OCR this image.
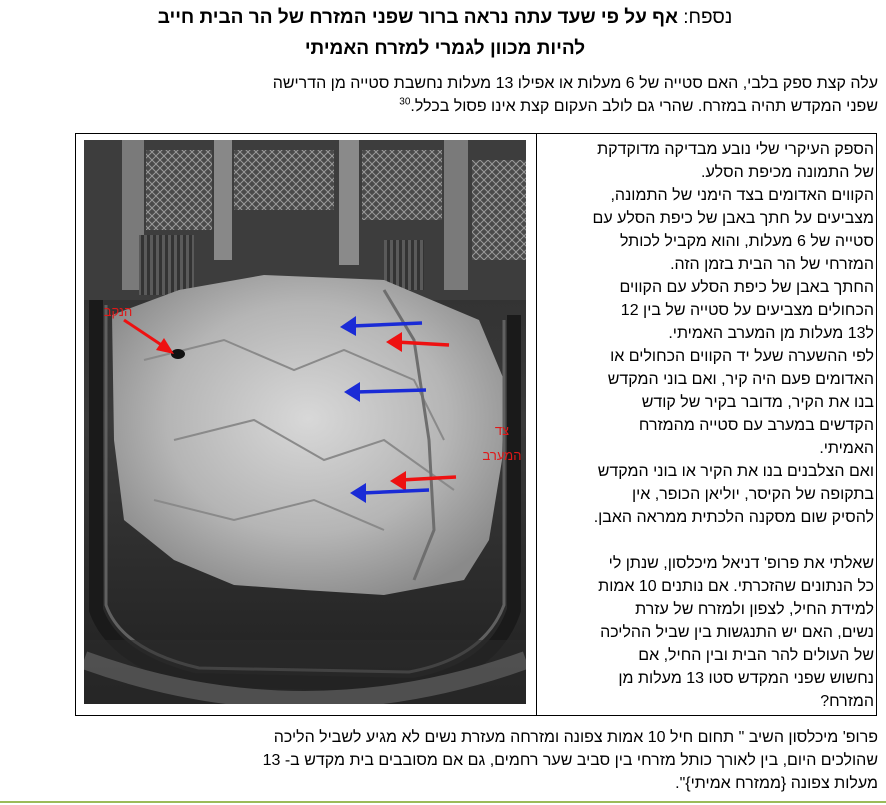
נספח: אף על פי שעד עתה נראה ברור שפני המזרח של הר הבית חייב
להיות מכוון לגמרי למזרח האמיתי
עלה קצת ספק בלבי, האם סטייה של 6 מעלות או אפילו 13 מעלות נחשבת סטייה מן הדרישה
שפני המקדש תהיה במזרח. שהרי גם לולב העקום קצת אינו פסול בכלל.$^{30}$
הנקב
צד
המערב
הספק העיקרי שלי נובע מבדיקה מדוקדקת
של התמונה מכיפת הסלע.
הקווים האדומים בצד הימני של התמונה,
מצביעים על חתך באבן של כיפת הסלע עם
סטייה של 6 מעלות, והוא מקביל לכותל
המזרחי של הר הבית בזמן הזה.
החתך באבן של כיפת הסלע עם הקווים
הכחולים מצביעים על סטייה של בין 12
ל13 מעלות מן המערב האמיתי.
לפי ההשערה שעל יד הקווים הכחולים או
האדומים פעם היה קיר, ואם בוני המקדש
בנו את הקיר, מדובר בקיר של קודש
הקדשים במערב עם סטייה מהמזרח
האמיתי.
ואם הצלבנים בנו את הקיר או בוני המקדש
בתקופה של הקיסר, יוליאן הכופר, אין
להסיק שום מסקנה הלכתית ממראה האבן.
שאלתי את פרופ' דניאל מיכלסון, שנתן לי
כל הנתונים שהזכרתי. אם נותנים 10 אמות
למידת החיל, לצפון ולמזרח של עזרת
נשים, האם יש התנגשות בין שביל ההליכה
של העולים להר הבית ובין החיל, אם
נחשוש שפני המקדש סטו 13 מעלות מן
המזרח?
פרופ' מיכלסון השיב " תחום חיל 10 אמות צפונה ומזרחה מעזרת נשים לא מגיע לשביל הליכה
שהולכים היום, בין לאורך כותל מזרחי בין סביב שער רחמים, גם אם מסובבים בית מקדש ב- 13
מעלות צפונה {ממזרח אמיתי}".
